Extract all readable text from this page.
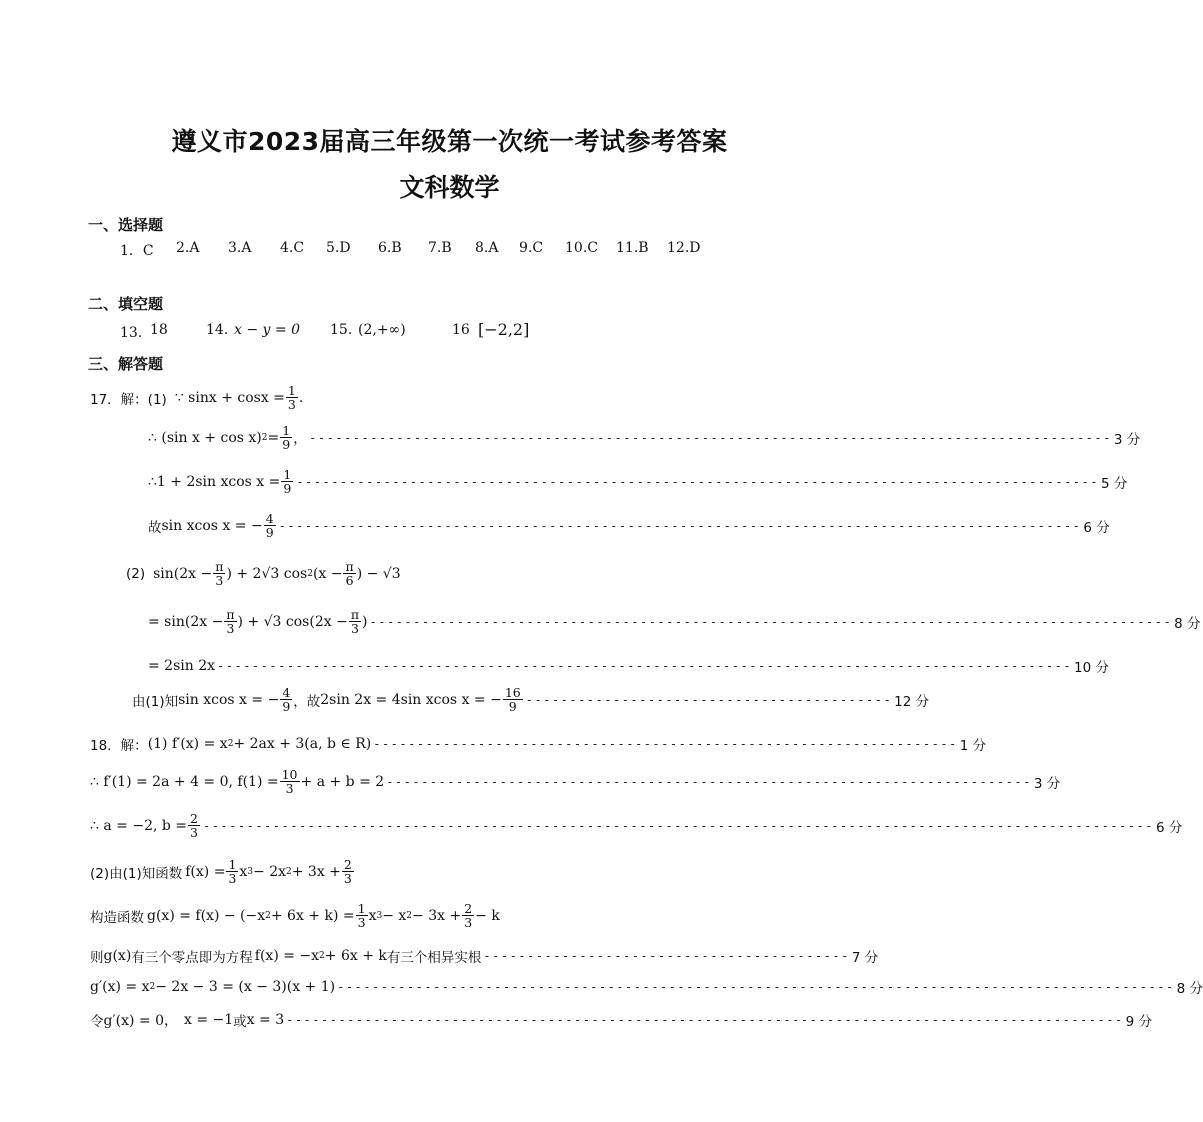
遵义市2023届高三年级第一次统一考试参考答案
文科数学
一、选择题
1．C 2.A 3.A 4.C 5.D 6.B 7.B 8.A 9.C 10.C 11.B 12.D
二、填空题
13．
18	14. x − y = 0 15. (2,+∞)	16 [−2,2]
三、解答题
17．解：(1) ∵ $\sin x + \cos x = \frac{1}{3}$ .
∴ (sin x + cos x) $2 = \frac{1}{9}$ ， -------------------------------------------------------------------------------------------- 3 分
∴1 + 2sin xcos $x = \frac{1}{9}$ -------------------------------------------------------------------------------------------- 5 分
故 sin xcos x = − $\frac{4}{9}$ -------------------------------------------------------------------------------------------- 6 分
(2) $\sin(2x - \frac{\pi}{3}$ ) + 2√3 cos 2 ($x - \frac{\pi}{6}$ ) − √3
= $\sin(2x - \frac{\pi}{3}$ ) + √3 $\cos(2x - \frac{\pi}{3}$ ) -------------------------------------------------------------------------------------------- 8 分
= 2sin 2x -------------------------------------------------------------------------------------------------- 10 分
由(1)知 sin xcos x = − $\frac{4}{9}$ ，故 2sin 2x = 4sin xcos x = − $\frac{16}{9}$ ------------------------------------------ 12 分
18．解： (1) f′(x) = x 2 + 2ax + 3(a, b ∈ R) ------------------------------------------------------------------- 1 分
∴ f′(1) = 2a + 4 = 0, $f(1) = \frac{10}{3} + a + b = 2$ -------------------------------------------------------------------------- 3 分
∴ a = −2, $b = \frac{2}{3}$ ------------------------------------------------------------------------------------------------------------- 6 分
(2)由(1)知函数 $f(x) = \frac{1}{3}$ x 3 − 2x $2 + 3x + \frac{2}{3}$
构造函数 g(x) = f(x) − (−x $2 + 6x + k) = \frac{1}{3}$ x 3 − x $2 - 3x + \frac{2}{3} - k$
则 g(x) 有三个零点即为方程 f(x) = −x 2 + 6x + k 有三个相异实根 ------------------------------------------ 7 分
g′(x) = x 2 − 2x − 3 = (x − 3)(x + 1) ------------------------------------------------------------------------------------------------ 8 分
令 g′(x) = 0， x = −1 或 x = 3 ------------------------------------------------------------------------------------------------ 9 分
